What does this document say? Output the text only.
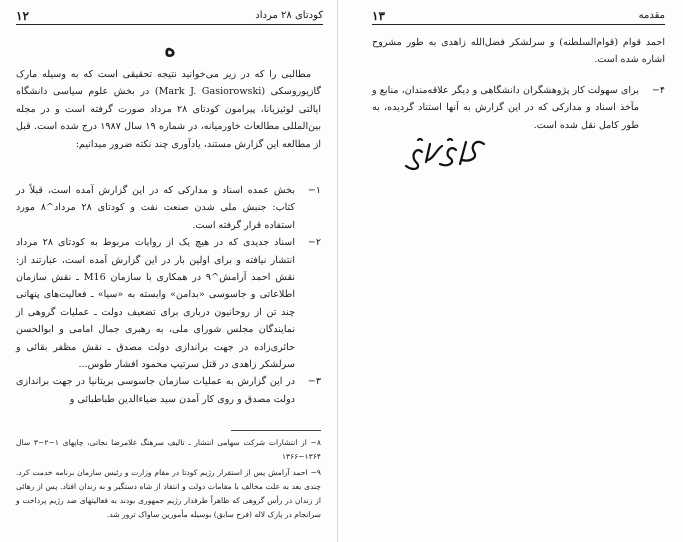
کودتای ۲۸ مرداد
۱۲
ه

مطالبی را که در زیر می‌خوانید نتیجه تحقیقی است که به وسیله مارک گازیوروسکی (Mark J. Gasiorowski) در بخش علوم سیاسی دانشگاه ایالتی لوئیزیانا، پیرامون کودتای ۲۸ مرداد صورت گرفته است و در مجله بین‌المللی مطالعات خاورمیانه، در شماره ۱۹ سال ۱۹۸۷ درج شده است. قبل از مطالعه این گزارش مستند، یادآوری چند نکته ضرور میدانیم:

۱−
بخش عمده اسناد و مدارکی که در این گزارش آمده است، قبلاً در کتاب: جنبش ملی شدن صنعت نفت و کودتای ۲۸ مرداد^۸ مورد استفاده قرار گرفته است.

۲−
اسناد جدیدی که در هیچ یک از روایات مربوط به کودتای ۲۸ مرداد انتشار نیافته و برای اولین بار در این گزارش آمده است، عبارتند از: نقش احمد آرامش^۹ در همکاری با سازمان M16 ـ نقش سازمان اطلاعاتی و جاسوسی «بدامن» وابسته به «سیا» ـ فعالیت‌های پنهانی چند تن از روحانیون درباری برای تضعیف دولت ـ عملیات گروهی از نمایندگان مجلس شورای ملی، به رهبری جمال امامی و ابوالحسن حائری‌زاده در جهت براندازی دولت مصدق ـ نقش مظفر بقائی و سرلشکر زاهدی در قتل سرتیپ محمود افشار طوس...

۳−
در این گزارش به عملیات سازمان جاسوسی بریتانیا در جهت براندازی دولت مصدق و روی کار آمدن سید ضیاءالدین طباطبائی و

۸− از انتشارات شرکت سهامی انتشار ـ تالیف سرهنگ غلامرضا نجاتی، چاپهای ۱−۲−۳ سال ۱۳۶۴−۱۳۶۶

۹− احمد آرامش پس از استقرار رژیم کودتا در مقام وزارت و رئیس سازمان برنامه خدمت کرد. چندی بعد به علت مخالف با مقامات دولت و انتقاد از شاه دستگیر و به زندان افتاد. پس از رهائی از زندان در رأس گروهی که ظاهراً طرفدار رژیم جمهوری بودند به فعالیتهای ضد رژیم پرداخت و سرانجام در پارک لاله (فرح سابق) بوسیله مأمورین ساواک ترور شد.

مقدمه
۱۳

احمد قوام (قوام‌السلطنه) و سرلشکر فضل‌الله زاهدی به طور مشروح اشاره شده است.

۴−
برای سهولت کار پژوهشگران دانشگاهی و دیگر علاقه‌مندان، منابع و مآخذ اسناد و مدارکی که در این گزارش به آنها استناد گردیده، به طور کامل نقل شده است.
